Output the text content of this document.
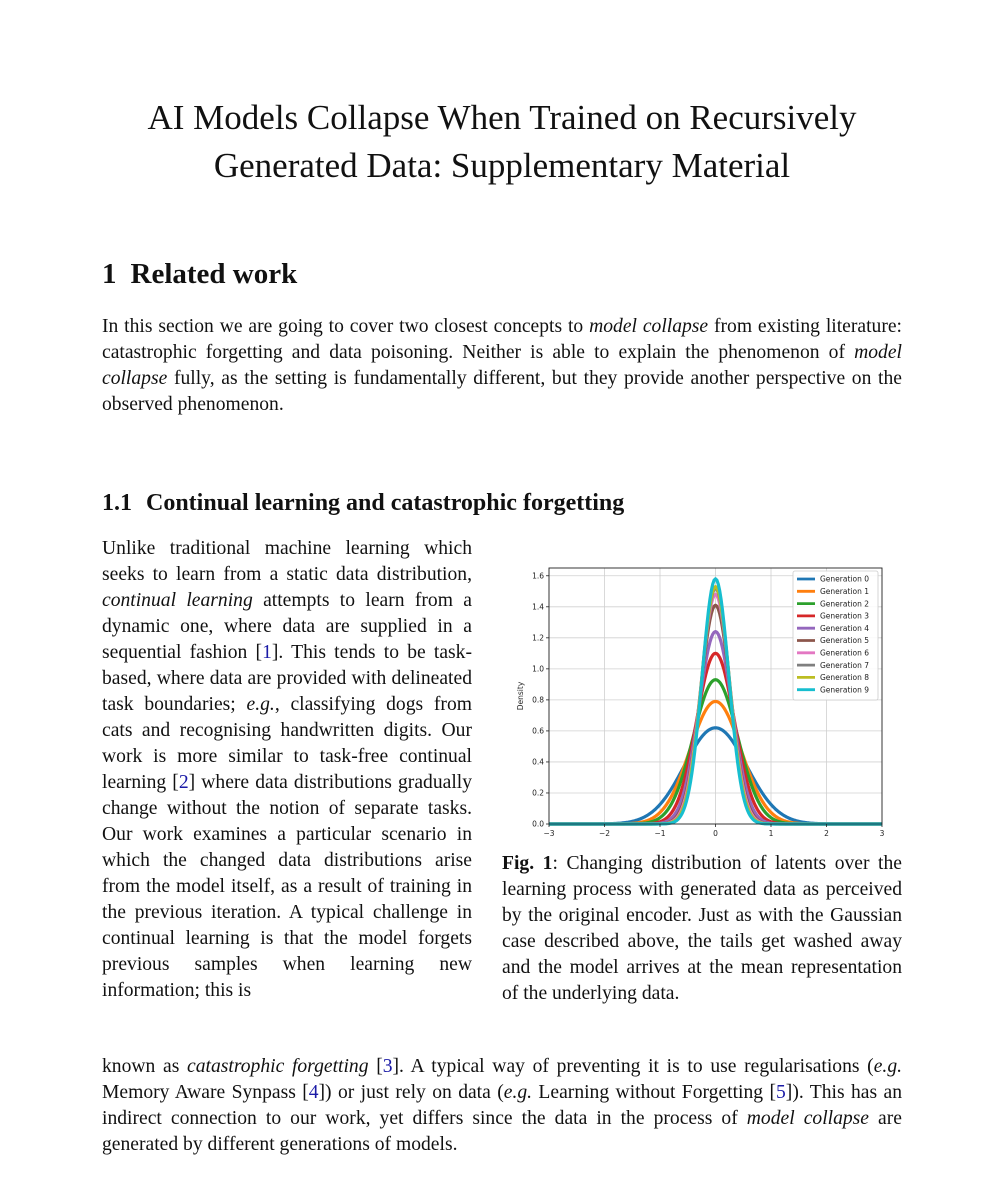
AI Models Collapse When Trained on Recursively
Generated Data: Supplementary Material
1 Related work
In this section we are going to cover two closest concepts to model collapse from existing literature: catastrophic forgetting and data poisoning. Neither is able to explain the phenomenon of model collapse fully, as the setting is fundamentally different, but they provide another perspective on the observed phenomenon.
1.1 Continual learning and catastrophic forgetting
Unlike traditional machine learning which seeks to learn from a static data distribution, continual learning attempts to learn from a dynamic one, where data are supplied in a sequential fashion [1]. This tends to be task-based, where data are provided with delineated task boundaries; e.g., classifying dogs from cats and recognising handwritten digits. Our work is more similar to task-free continual learning [2] where data distributions gradually change without the notion of separate tasks. Our work examines a particular scenario in which the changed data distributions arise from the model itself, as a result of training in the previous iteration. A typical challenge in continual learning is that the model forgets previous samples when learning new information; this is
−3	−2	−1	0	1	2	3
0.0
0.2
0.4
0.6
0.8
1.0
1.2
1.4
1.6
Density
Generation 0
Generation 1
Generation 2
Generation 3
Generation 4
Generation 5
Generation 6
Generation 7
Generation 8
Generation 9
Fig. 1: Changing distribution of latents over the learning process with generated data as perceived by the original encoder. Just as with the Gaussian case described above, the tails get washed away and the model arrives at the mean representation of the underlying data.
known as catastrophic forgetting [3]. A typical way of preventing it is to use regularisations (e.g. Memory Aware Synpass [4]) or just rely on data (e.g. Learning without Forgetting [5]). This has an indirect connection to our work, yet differs since the data in the process of model collapse are generated by different generations of models.
